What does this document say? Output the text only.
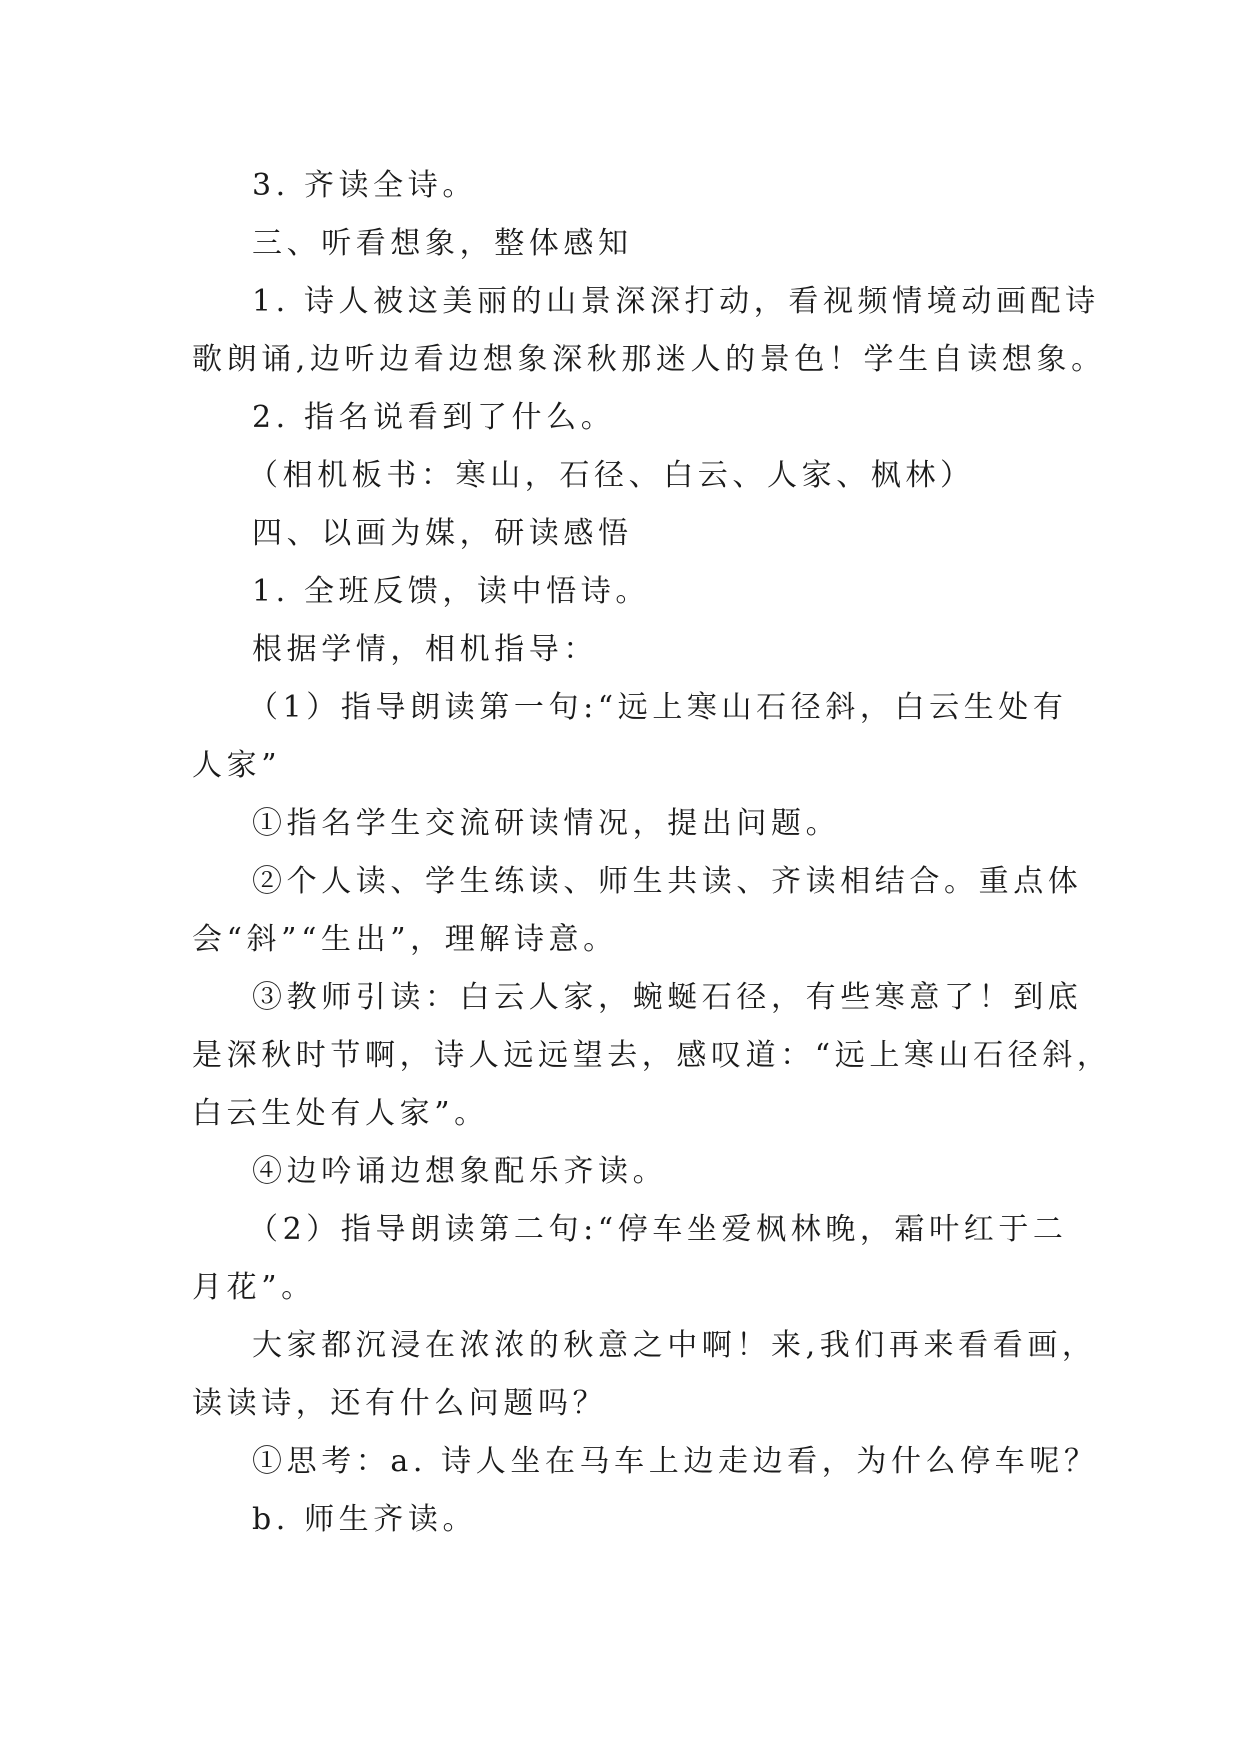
3. 齐读全诗。
三、听看想象，整体感知
1. 诗人被这美丽的山景深深打动，看视频情境动画配诗
歌朗诵,边听边看边想象深秋那迷人的景色！学生自读想象。
2. 指名说看到了什么。
（相机板书：寒山，石径、白云、人家、枫林）
四、以画为媒，研读感悟
1. 全班反馈，读中悟诗。
根据学情，相机指导：
（1）指导朗读第一句:“远上寒山石径斜，白云生处有
人家”
①指名学生交流研读情况，提出问题。
②个人读、学生练读、师生共读、齐读相结合。重点体
会“斜”“生出”，理解诗意。
③教师引读：白云人家，蜿蜒石径，有些寒意了！到底
是深秋时节啊，诗人远远望去，感叹道：“远上寒山石径斜，
白云生处有人家”。
④边吟诵边想象配乐齐读。
（2）指导朗读第二句:“停车坐爱枫林晚，霜叶红于二
月花”。
大家都沉浸在浓浓的秋意之中啊！来,我们再来看看画，
读读诗，还有什么问题吗？
①思考：a. 诗人坐在马车上边走边看，为什么停车呢？
b. 师生齐读。
